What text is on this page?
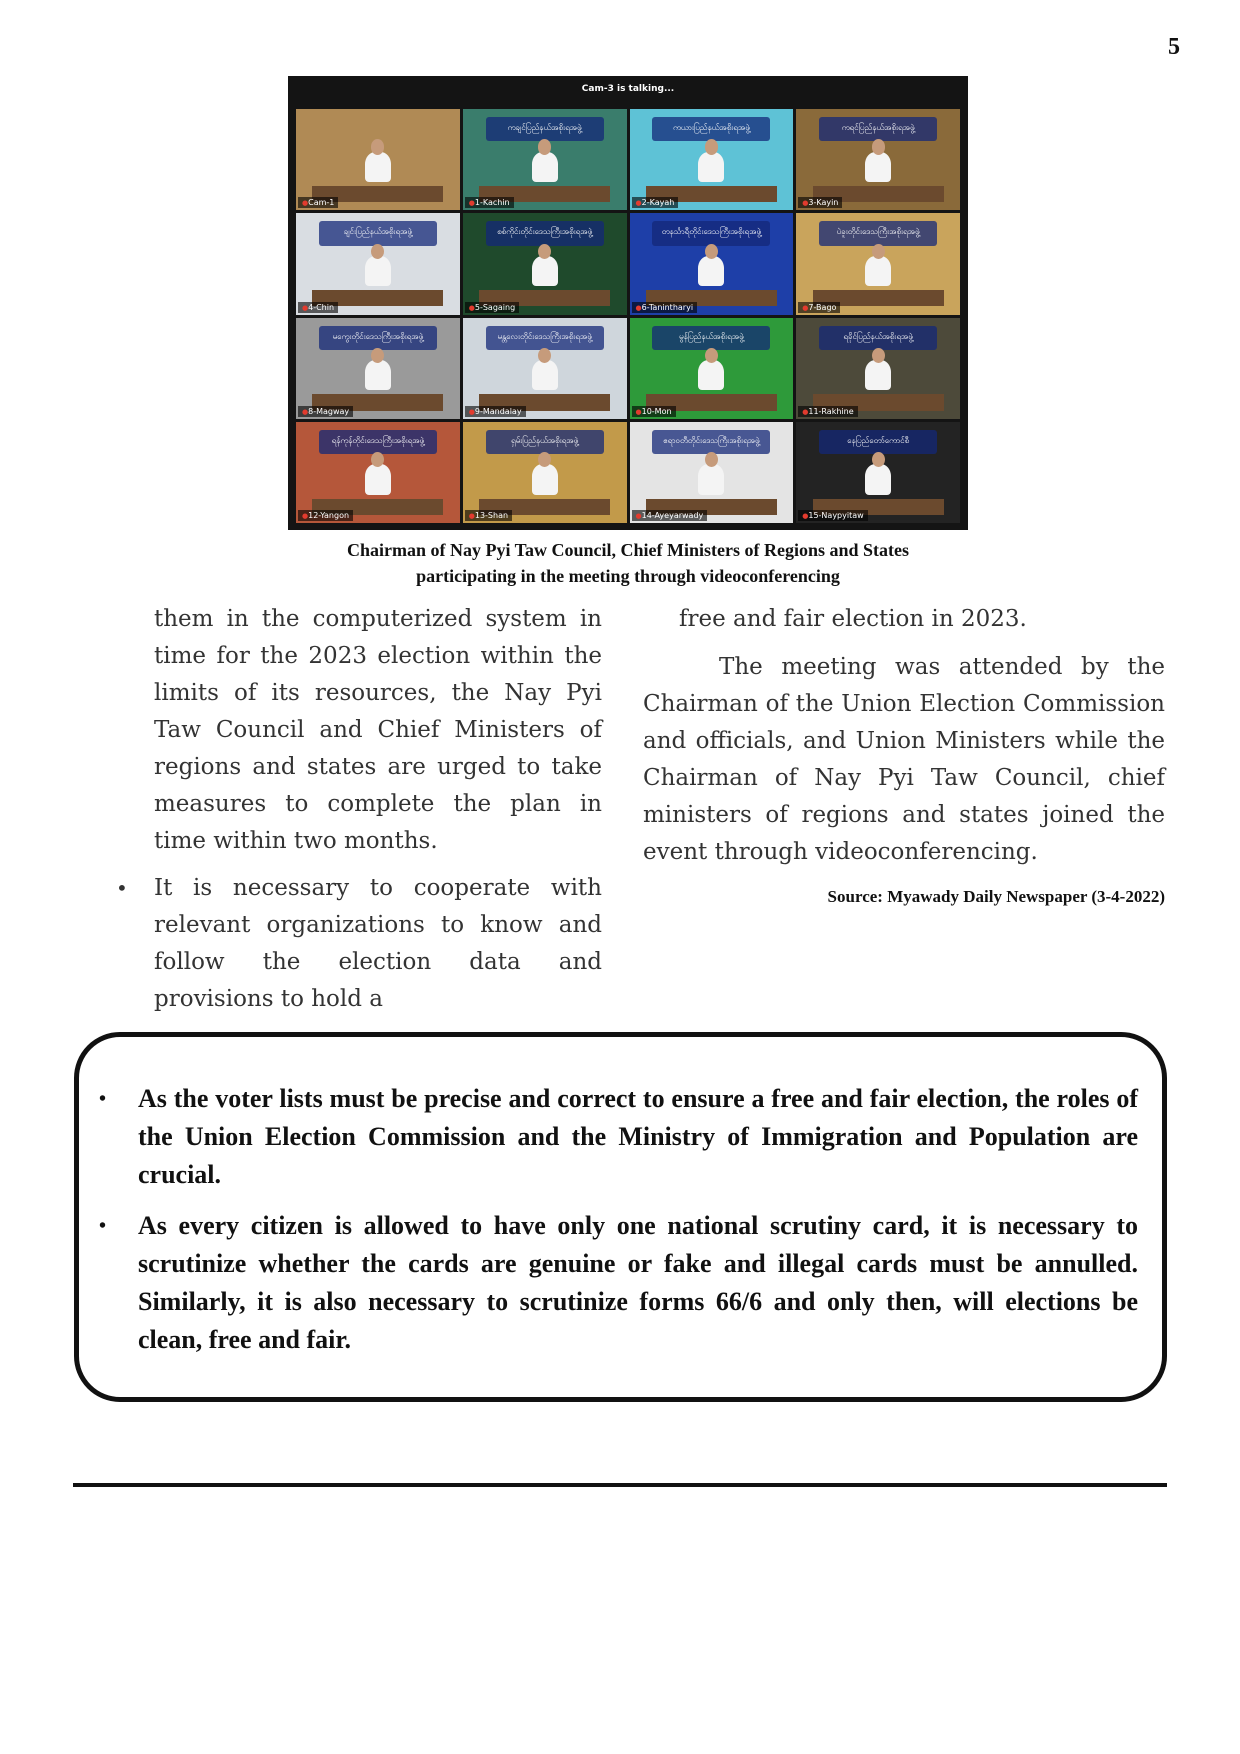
5
Cam-3 is talking...
● Cam-1
ကချင်ပြည်နယ်အစိုးရအဖွဲ့
● 1-Kachin
ကယားပြည်နယ်အစိုးရအဖွဲ့
● 2-Kayah
ကရင်ပြည်နယ်အစိုးရအဖွဲ့
● 3-Kayin
ချင်းပြည်နယ်အစိုးရအဖွဲ့
● 4-Chin
စစ်ကိုင်းတိုင်းဒေသကြီးအစိုးရအဖွဲ့
● 5-Sagaing
တနင်္သာရီတိုင်းဒေသကြီးအစိုးရအဖွဲ့
● 6-Tanintharyi
ပဲခူးတိုင်းဒေသကြီးအစိုးရအဖွဲ့
● 7-Bago
မကွေးတိုင်းဒေသကြီးအစိုးရအဖွဲ့
● 8-Magway
မန္တလေးတိုင်းဒေသကြီးအစိုးရအဖွဲ့
● 9-Mandalay
မွန်ပြည်နယ်အစိုးရအဖွဲ့
● 10-Mon
ရခိုင်ပြည်နယ်အစိုးရအဖွဲ့
● 11-Rakhine
ရန်ကုန်တိုင်းဒေသကြီးအစိုးရအဖွဲ့
● 12-Yangon
ရှမ်းပြည်နယ်အစိုးရအဖွဲ့
● 13-Shan
ဧရာဝတီတိုင်းဒေသကြီးအစိုးရအဖွဲ့
● 14-Ayeyarwady
နေပြည်တော်ကောင်စီ
● 15-Naypyitaw
Chairman of Nay Pyi Taw Council, Chief Ministers of Regions and States
participating in the meeting through videoconferencing

them in the computerized system in time for the 2023 election within the limits of its resources, the Nay Pyi Taw Council and Chief Ministers of regions and states are urged to take measures to complete the plan in time within two months.

• It is necessary to cooperate with relevant organizations to know and follow the election data and provisions to hold a

free and fair election in 2023.

The meeting was attended by the Chairman of the Union Election Commission and officials, and Union Ministers while the Chairman of Nay Pyi Taw Council, chief ministers of regions and states joined the event through videoconferencing.

Source: Myawady Daily Newspaper (3-4-2022)
• As the voter lists must be precise and correct to ensure a free and fair election, the roles of the Union Election Commission and the Ministry of Immigration and Population are crucial.
• As every citizen is allowed to have only one national scrutiny card, it is necessary to scrutinize whether the cards are genuine or fake and illegal cards must be annulled. Similarly, it is also necessary to scrutinize forms 66/6 and only then, will elections be clean, free and fair.
